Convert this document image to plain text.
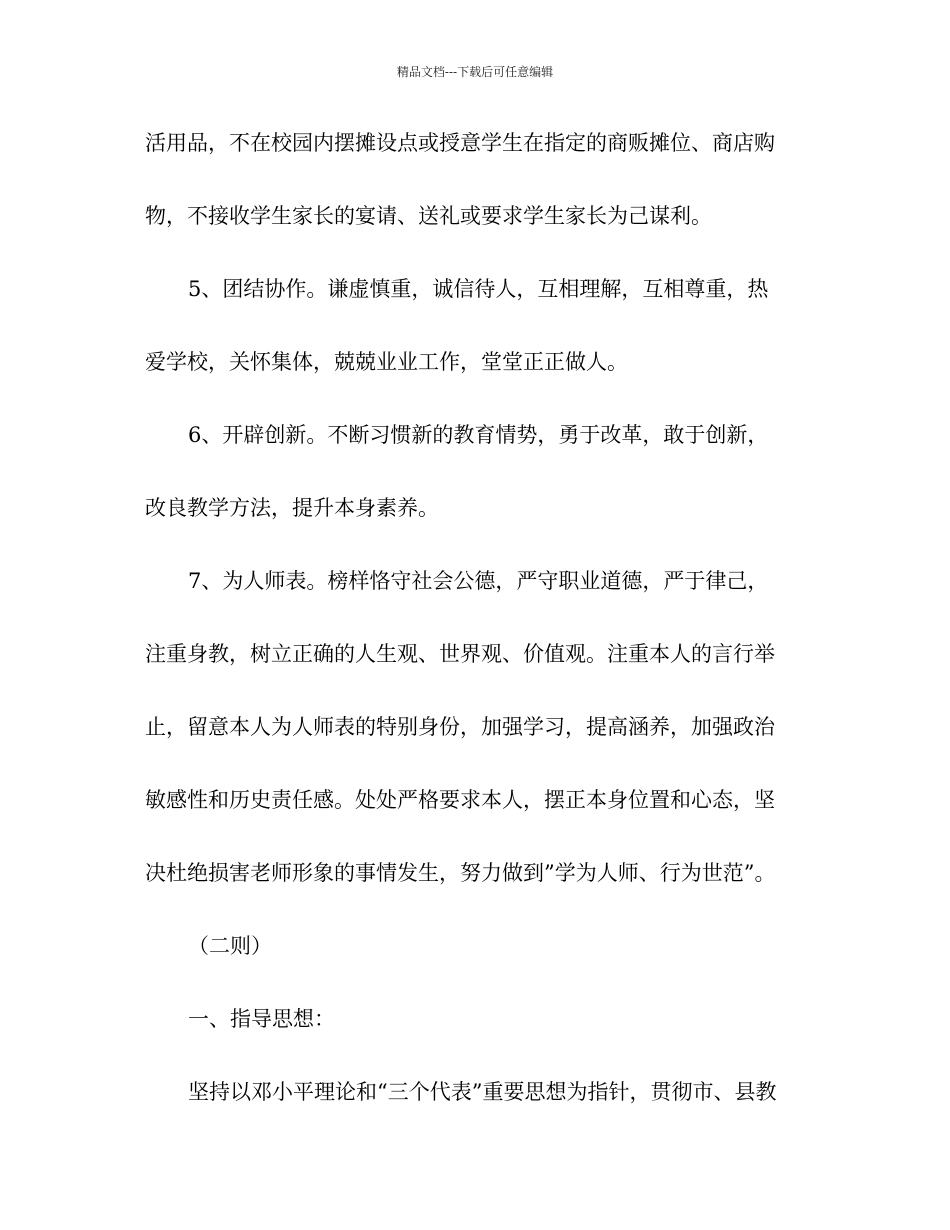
精品文档---下载后可任意编辑
活用品，不在校园内摆摊设点或授意学生在指定的商贩摊位、商店购
物，不接收学生家长的宴请、送礼或要求学生家长为己谋利。
5、团结协作。谦虚慎重，诚信待人，互相理解，互相尊重，热
爱学校，关怀集体，兢兢业业工作，堂堂正正做人。
6、开辟创新。不断习惯新的教育情势，勇于改革，敢于创新，
改良教学方法，提升本身素养。
7、为人师表。榜样恪守社会公德，严守职业道德，严于律己，
注重身教，树立正确的人生观、世界观、价值观。注重本人的言行举
止，留意本人为人师表的特别身份，加强学习，提高涵养，加强政治
敏感性和历史责任感。处处严格要求本人，摆正本身位置和心态，坚
决杜绝损害老师形象的事情发生，努力做到”学为人师、行为世范”。
（二则）
一、指导思想：
坚持以邓小平理论和“三个代表”重要思想为指针，贯彻市、县教
